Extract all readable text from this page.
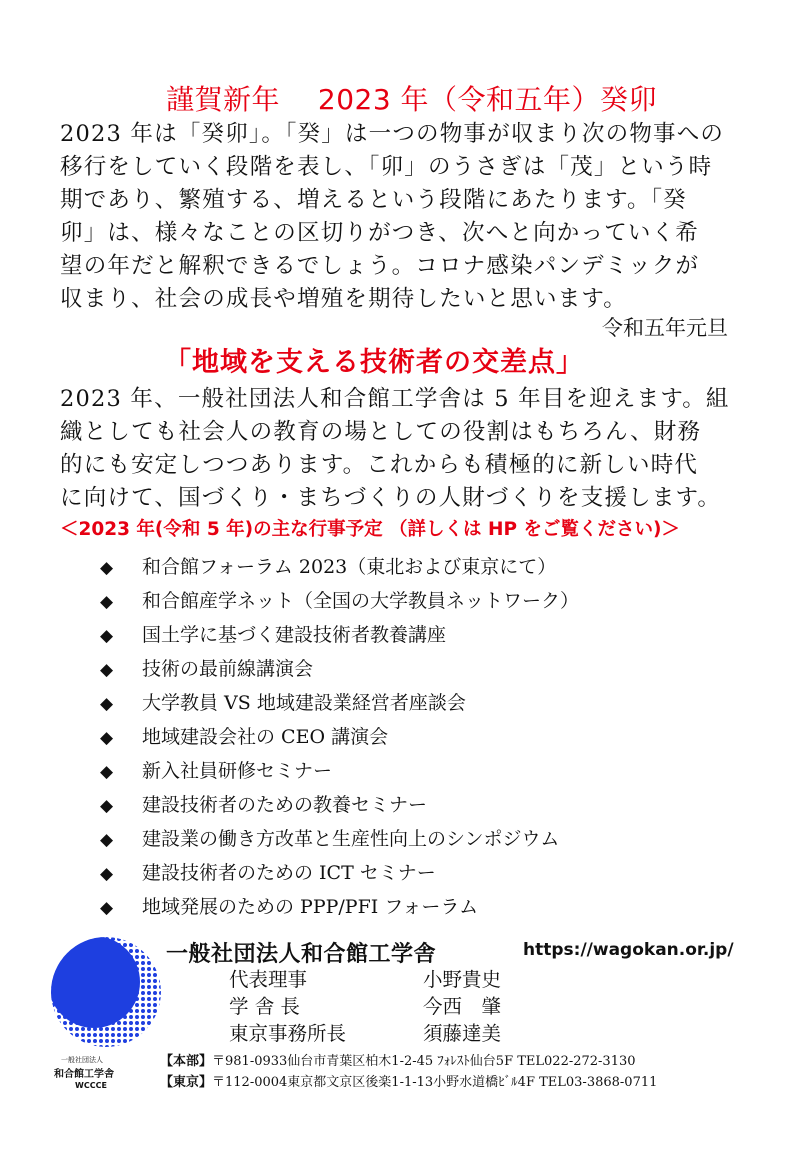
謹賀新年　 2023 年（令和五年）癸卯
2023 年は「癸卯」。「癸」は一つの物事が収まり次の物事への
移行をしていく段階を表し、「卯」のうさぎは「茂」という時
期であり、繁殖する、増えるという段階にあたります。「癸
卯」は、様々なことの区切りがつき、次へと向かっていく希
望の年だと解釈できるでしょう。コロナ感染パンデミックが
収まり、社会の成長や増殖を期待したいと思います。
令和五年元旦
「地域を支える技術者の交差点」
2023 年、一般社団法人和合館工学舎は 5 年目を迎えます。組
織としても社会人の教育の場としての役割はもちろん、財務
的にも安定しつつあります。これからも積極的に新しい時代
に向けて、国づくり・まちづくりの人財づくりを支援します。
＜2023 年(令和 5 年)の主な行事予定 （詳しくは HP をご覧ください)＞
◆ 和合館フォーラム 2023（東北および東京にて）
◆ 和合館産学ネット（全国の大学教員ネットワーク）
◆ 国土学に基づく建設技術者教養講座
◆ 技術の最前線講演会
◆ 大学教員 VS 地域建設業経営者座談会
◆ 地域建設会社の CEO 講演会
◆ 新入社員研修セミナー
◆ 建設技術者のための教養セミナー
◆ 建設業の働き方改革と生産性向上のシンポジウム
◆ 建設技術者のための ICT セミナー
◆ 地域発展のための PPP/PFI フォーラム
一般社団法人
和合館工学舎
WCCCE
一般社団法人和合館工学舎	https://wagokan.or.jp/
代表理事	小野貴史
学 舎 長	今西　肇
東京事務所長	須藤達美
【本部】〒981-0933仙台市青葉区柏木1-2-45 ﾌｫﾚｽﾄ仙台5F TEL022-272-3130
【東京】〒112-0004東京都文京区後楽1-1-13小野水道橋ﾋﾞﾙ4F TEL03-3868-0711
